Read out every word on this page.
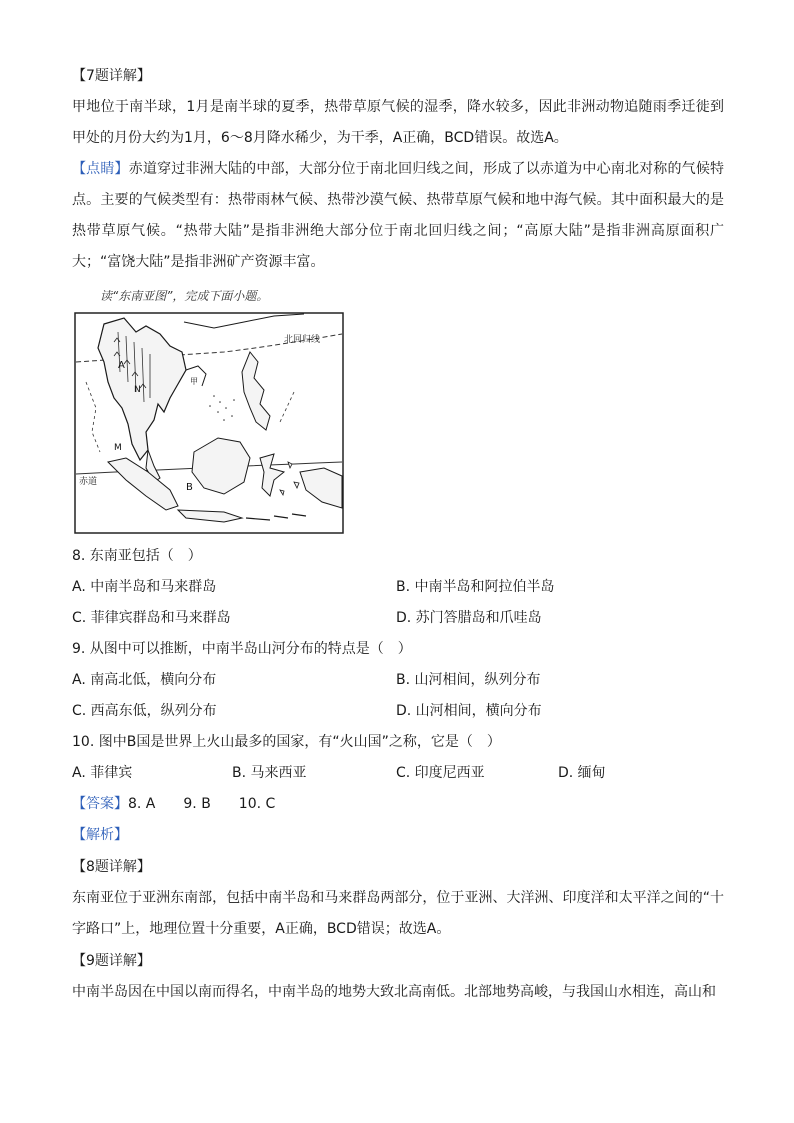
【7题详解】
甲地位于南半球，1月是南半球的夏季，热带草原气候的湿季，降水较多，因此非洲动物追随雨季迁徙到甲处的月份大约为1月，6～8月降水稀少，为干季，A正确，BCD错误。故选A。
【点睛】赤道穿过非洲大陆的中部，大部分位于南北回归线之间，形成了以赤道为中心南北对称的气候特点。主要的气候类型有：热带雨林气候、热带沙漠气候、热带草原气候和地中海气候。其中面积最大的是热带草原气候。“热带大陆”是指非洲绝大部分位于南北回归线之间；“高原大陆”是指非洲高原面积广大；“富饶大陆”是指非洲矿产资源丰富。
读“东南亚图”，完成下面小题。
北回归线
赤道
A
B
M
N
甲
8. 东南亚包括（　）
A. 中南半岛和马来群岛	B. 中南半岛和阿拉伯半岛
C. 菲律宾群岛和马来群岛	D. 苏门答腊岛和爪哇岛
9. 从图中可以推断，中南半岛山河分布的特点是（　）
A. 南高北低，横向分布	B. 山河相间，纵列分布
C. 西高东低，纵列分布	D. 山河相间，横向分布
10. 图中B国是世界上火山最多的国家，有“火山国”之称，它是（　）
A. 菲律宾	B. 马来西亚	C. 印度尼西亚	D. 缅甸
【答案】8. A　　9. B　　10. C
【解析】
【8题详解】
东南亚位于亚洲东南部，包括中南半岛和马来群岛两部分，位于亚洲、大洋洲、印度洋和太平洋之间的“十字路口”上，地理位置十分重要，A正确，BCD错误；故选A。
【9题详解】
中南半岛因在中国以南而得名，中南半岛的地势大致北高南低。北部地势高峻，与我国山水相连，高山和
